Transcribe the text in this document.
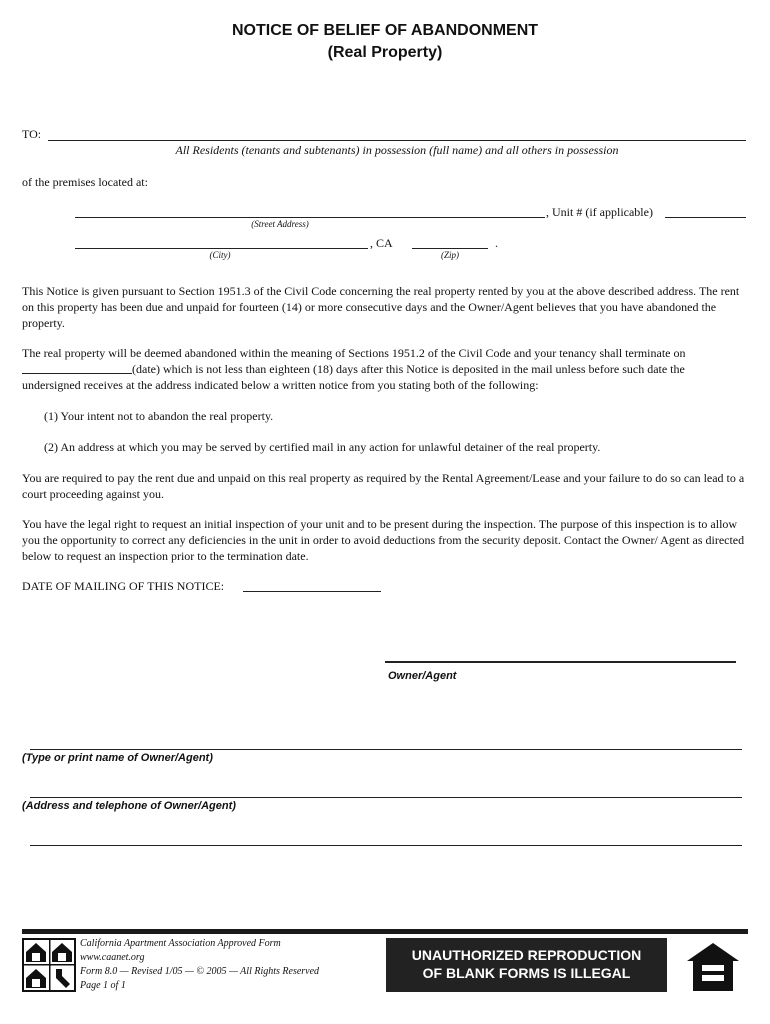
NOTICE OF BELIEF OF ABANDONMENT
(Real Property)
TO:
All Residents (tenants and subtenants) in possession (full name) and all others in possession
of the premises located at:
, Unit # (if applicable)
(Street Address)
, CA	.
(City)	(Zip)
This Notice is given pursuant to Section 1951.3 of the Civil Code concerning the real property rented by you at the above described address. The rent on this property has been due and unpaid for fourteen (14) or more consecutive days and the Owner/Agent believes that you have abandoned the property.
The real property will be deemed abandoned within the meaning of Sections 1951.2 of the Civil Code and your tenancy shall terminate on
(date) which is not less than eighteen (18) days after this Notice is deposited in the mail unless before such date the
undersigned receives at the address indicated below a written notice from you stating both of the following:
(1) Your intent not to abandon the real property.
(2) An address at which you may be served by certified mail in any action for unlawful detainer of the real property.
You are required to pay the rent due and unpaid on this real property as required by the Rental Agreement/Lease and your failure to do so can lead to a court proceeding against you.
You have the legal right to request an initial inspection of your unit and to be present during the inspection. The purpose of this inspection is to allow you the opportunity to correct any deficiencies in the unit in order to avoid deductions from the security deposit. Contact the Owner/ Agent as directed below to request an inspection prior to the termination date.
DATE OF MAILING OF THIS NOTICE:
Owner/Agent
(Type or print name of Owner/Agent)
(Address and telephone of Owner/Agent)
California Apartment Association Approved Form
www.caanet.org
Form 8.0 — Revised 1/05 — © 2005 — All Rights Reserved
Page 1 of 1
UNAUTHORIZED REPRODUCTION
OF BLANK FORMS IS ILLEGAL
